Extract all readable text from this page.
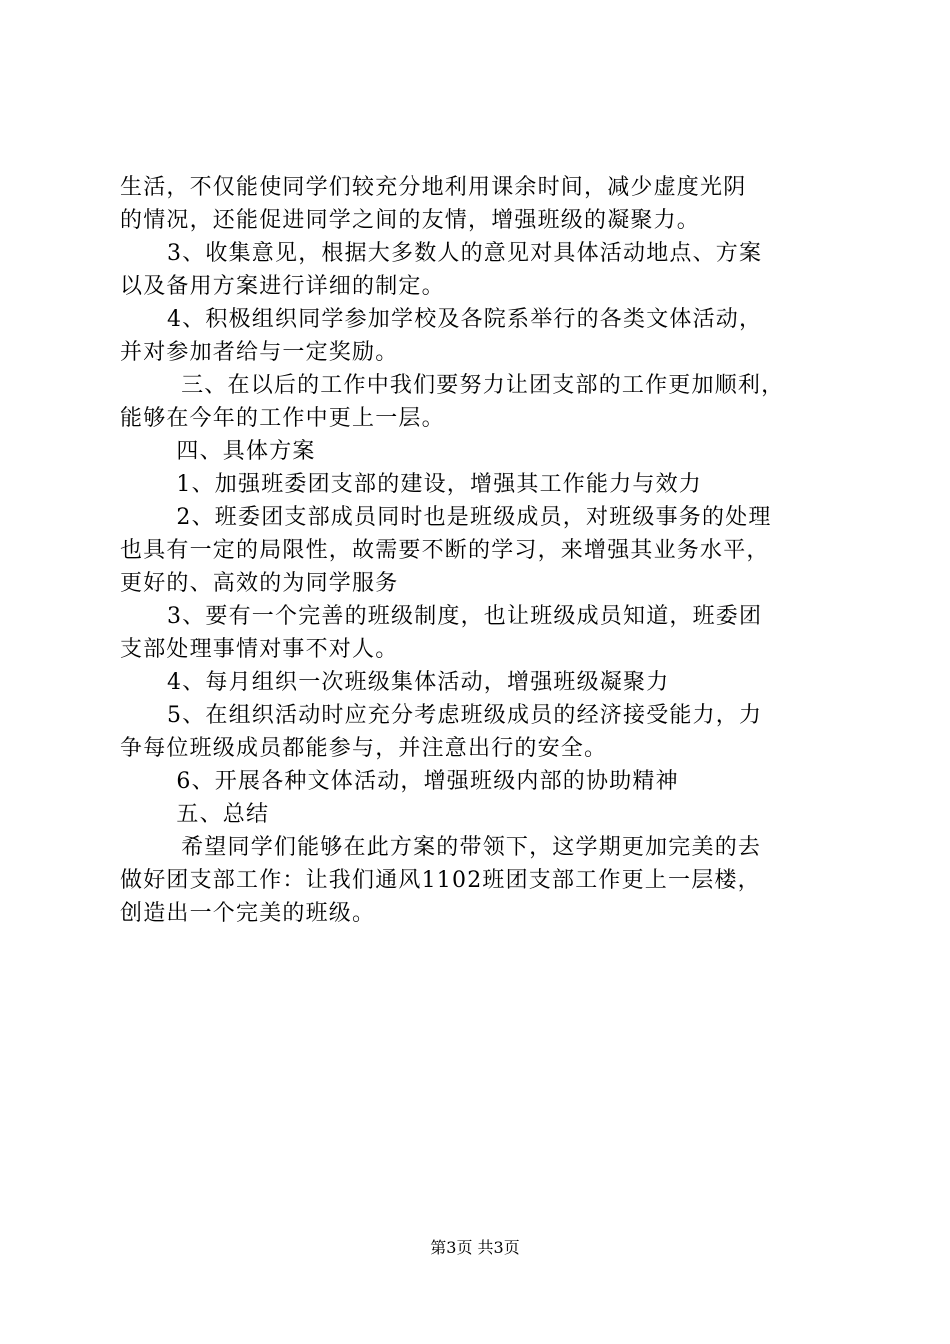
生活，不仅能使同学们较充分地利用课余时间，减少虚度光阴
的情况，还能促进同学之间的友情，增强班级的凝聚力。
3、收集意见，根据大多数人的意见对具体活动地点、方案
以及备用方案进行详细的制定。
4、积极组织同学参加学校及各院系举行的各类文体活动，
并对参加者给与一定奖励。
三、在以后的工作中我们要努力让团支部的工作更加顺利，
能够在今年的工作中更上一层。
四、具体方案
1、加强班委团支部的建设，增强其工作能力与效力
2、班委团支部成员同时也是班级成员，对班级事务的处理
也具有一定的局限性，故需要不断的学习，来增强其业务水平，
更好的、高效的为同学服务
3、要有一个完善的班级制度，也让班级成员知道，班委团
支部处理事情对事不对人。
4、每月组织一次班级集体活动，增强班级凝聚力
5、在组织活动时应充分考虑班级成员的经济接受能力，力
争每位班级成员都能参与，并注意出行的安全。
6、开展各种文体活动，增强班级内部的协助精神
五、总结
希望同学们能够在此方案的带领下，这学期更加完美的去
做好团支部工作：让我们通风1102班团支部工作更上一层楼，
创造出一个完美的班级。
第3页 共3页
